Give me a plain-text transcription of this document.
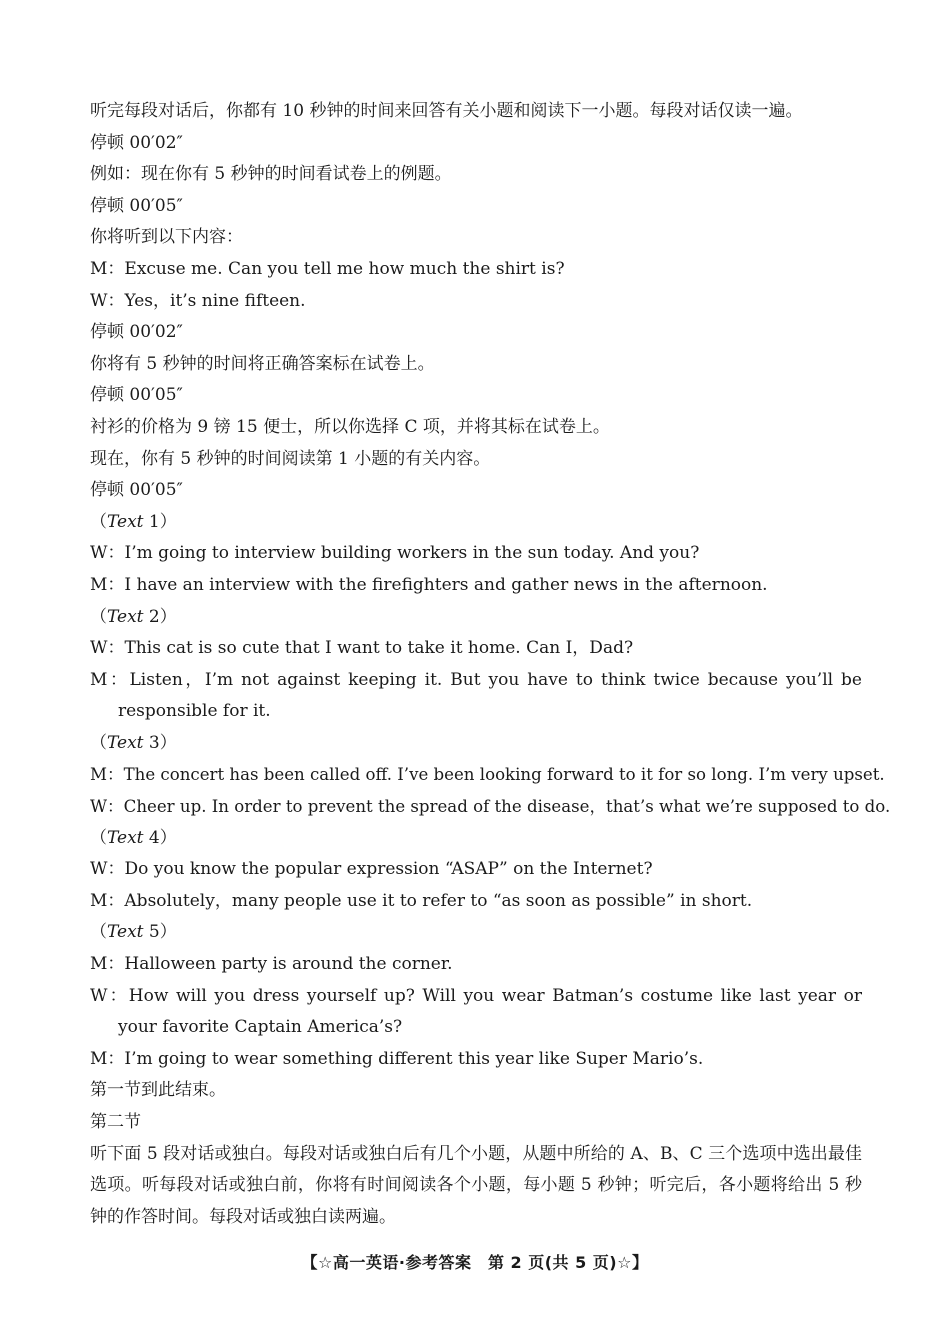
听完每段对话后，你都有 10 秒钟的时间来回答有关小题和阅读下一小题。每段对话仅读一遍。
停顿 00′02″
例如：现在你有 5 秒钟的时间看试卷上的例题。
停顿 00′05″
你将听到以下内容：
M：Excuse me. Can you tell me how much the shirt is?
W：Yes，it’s nine fifteen.
停顿 00′02″
你将有 5 秒钟的时间将正确答案标在试卷上。
停顿 00′05″
衬衫的价格为 9 镑 15 便士，所以你选择 C 项，并将其标在试卷上。
现在，你有 5 秒钟的时间阅读第 1 小题的有关内容。
停顿 00′05″
（Text 1）
W：I’m going to interview building workers in the sun today. And you?
M：I have an interview with the firefighters and gather news in the afternoon.
（Text 2）
W：This cat is so cute that I want to take it home. Can I，Dad?
M：Listen，I’m not against keeping it. But you have to think twice because you’ll be responsible for it.
（Text 3）
M：The concert has been called off. I’ve been looking forward to it for so long. I’m very upset.
W：Cheer up. In order to prevent the spread of the disease，that’s what we’re supposed to do.
（Text 4）
W：Do you know the popular expression “ASAP” on the Internet?
M：Absolutely，many people use it to refer to “as soon as possible” in short.
（Text 5）
M：Halloween party is around the corner.
W：How will you dress yourself up? Will you wear Batman’s costume like last year or your favorite Captain America’s?
M：I’m going to wear something different this year like Super Mario’s.
第一节到此结束。
第二节
听下面 5 段对话或独白。每段对话或独白后有几个小题，从题中所给的 A、B、C 三个选项中选出最佳选项。听每段对话或独白前，你将有时间阅读各个小题，每小题 5 秒钟；听完后，各小题将给出 5 秒钟的作答时间。每段对话或独白读两遍。
【☆高一英语·参考答案　第 2 页(共 5 页)☆】
